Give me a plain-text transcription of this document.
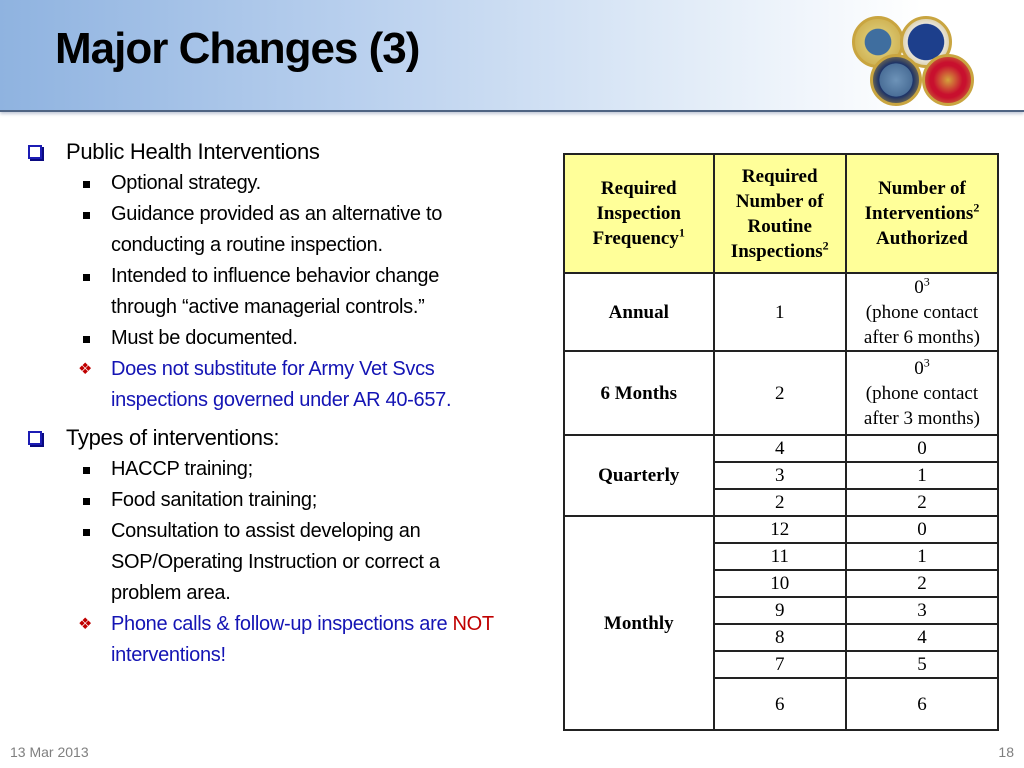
Major Changes (3)
Public Health Interventions
Optional strategy.
Guidance provided as an alternative to conducting a routine inspection.
Intended to influence behavior change through “active managerial controls.”
Must be documented.
❖ Does not substitute for Army Vet Svcs inspections governed under AR 40-657.
Types of interventions:
HACCP training;
Food sanitation training;
Consultation to assist developing an SOP/Operating Instruction or correct a problem area.
❖ Phone calls & follow-up inspections are NOT interventions!
Required Inspection Frequency$^1$	Required Number of Routine Inspections$^2$	Number of Interventions$^2$
Authorized
Annual	1	$0^3$
(phone contact after 6 months)
6 Months	2	$0^3$
(phone contact after 3 months)
Quarterly	4	0
	3	1
	2	2
Monthly	12	0
	11	1
	10	2
	9	3
	8	4
	7	5
	6	6
13 Mar 2013	18
